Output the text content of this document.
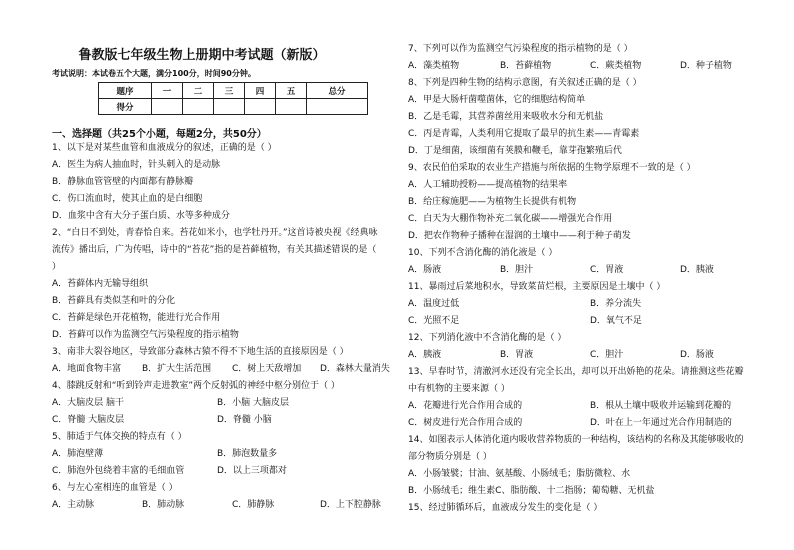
鲁教版七年级生物上册期中考试题（新版）
考试说明：本试卷五个大题，满分100分，时间90分钟。
题序	一	二	三	四	五	总分
得分						
一、选择题（共25个小题，每题2分，共50分）
1、以下是对某些血管和血液成分的叙述，正确的是（ ）
A．医生为病人抽血时，针头刺入的是动脉
B．静脉血管管壁的内面都有静脉瓣
C．伤口流血时，使其止血的是白细胞
D．血浆中含有大分子蛋白质、水等多种成分
2、“白日不到处，青春恰自来。苔花如米小，也学牡丹开。”这首诗被央视《经典咏
流传》播出后，广为传唱，诗中的“苔花”指的是苔藓植物，有关其描述错误的是（
）
A．苔藓体内无输导组织
B．苔藓具有类似茎和叶的分化
C．苔藓是绿色开花植物，能进行光合作用
D．苔藓可以作为监测空气污染程度的指示植物
3、南非大裂谷地区，导致部分森林古猿不得不下地生活的直接原因是（ ）
A．地面食物丰富 B．扩大生活范围 C．树上天敌增加 D．森林大量消失
4、膝跳反射和“听到铃声走进教室”两个反射弧的神经中枢分别位于（ ）
A．大脑皮层 脑干	B．小脑 大脑皮层
C．脊髓 大脑皮层	D．脊髓 小脑
5、肺适于气体交换的特点有（ ）
A．肺泡壁薄	B．肺泡数量多
C．肺泡外包绕着丰富的毛细血管	D．以上三项都对
6、与左心室相连的血管是（ ）
A．主动脉	B．肺动脉	C．肺静脉	D．上下腔静脉
7、下列可以作为监测空气污染程度的指示植物的是（ ）
A．藻类植物	B．苔藓植物	C．蕨类植物	D．种子植物
8、下列是四种生物的结构示意图，有关叙述正确的是（ ）
A．甲是大肠杆菌噬菌体，它的细胞结构简单
B．乙是毛霉，其营养菌丝用来吸收水分和无机盐
C．丙是青霉，人类利用它提取了最早的抗生素——青霉素
D．丁是细菌，该细菌有荚膜和鞭毛，靠芽孢繁殖后代
9、农民伯伯采取的农业生产措施与所依据的生物学原理不一致的是（ ）
A．人工辅助授粉——提高植物的结果率
B．给庄稼施肥——为植物生长提供有机物
C．白天为大棚作物补充二氧化碳——增强光合作用
D．把农作物种子播种在湿润的土壤中——利于种子萌发
10、下列不含消化酶的消化液是（ ）
A．肠液	B．胆汁	C．胃液	D．胰液
11、暴雨过后菜地积水，导致菜苗烂根，主要原因是土壤中（ ）
A．温度过低	B．养分流失
C．光照不足	D．氧气不足
12、下列消化液中不含消化酶的是（ ）
A．胰液	B．胃液	C．胆汁	D．肠液
13、早春时节，清澈河水还没有完全长出，却可以开出娇艳的花朵。请推测这些花瓣
中有机物的主要来源（ ）
A．花瓣进行光合作用合成的	B．根从土壤中吸收并运输到花瓣的
C．树皮进行光合作用合成的	D．叶在上一年通过光合作用制造的
14、如图表示人体消化道内吸收营养物质的一种结构，该结构的名称及其能够吸收的
部分物质分别是（ ）
A．小肠皱襞；甘油、氨基酸、小肠绒毛；脂肪微粒、水
B．小肠绒毛；维生素C、脂肪酸、十二指肠；葡萄糖、无机盐
15、经过肺循环后，血液成分发生的变化是（ ）
